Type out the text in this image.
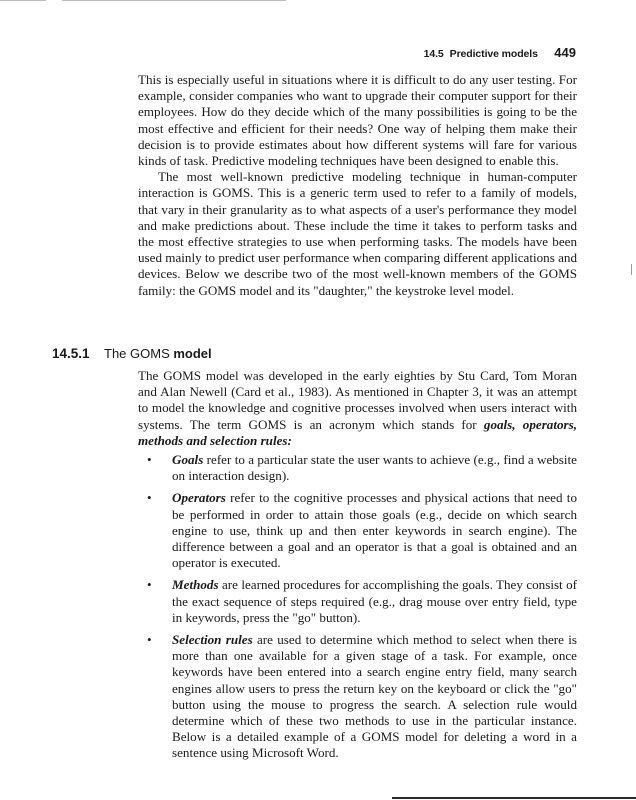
14.5 Predictive models 449

This is especially useful in situations where it is difficult to do any user testing. For example, consider companies who want to upgrade their computer support for their employees. How do they decide which of the many possibilities is going to be the most effective and efficient for their needs? One way of helping them make their decision is to provide estimates about how different systems will fare for various kinds of task. Predictive modeling techniques have been designed to enable this.

The most well-known predictive modeling technique in human-computer interaction is GOMS. This is a generic term used to refer to a family of models, that vary in their granularity as to what aspects of a user's performance they model and make predictions about. These include the time it takes to perform tasks and the most effective strategies to use when performing tasks. The models have been used mainly to predict user performance when comparing different applications and devices. Below we describe two of the most well-known members of the GOMS family: the GOMS model and its "daughter," the keystroke level model.

14.5.1 The GOMS model

The GOMS model was developed in the early eighties by Stu Card, Tom Moran and Alan Newell (Card et al., 1983). As mentioned in Chapter 3, it was an attempt to model the knowledge and cognitive processes involved when users interact with systems. The term GOMS is an acronym which stands for goals, operators, methods and selection rules:

• Goals refer to a particular state the user wants to achieve (e.g., find a website on interaction design).
• Operators refer to the cognitive processes and physical actions that need to be performed in order to attain those goals (e.g., decide on which search engine to use, think up and then enter keywords in search engine). The difference between a goal and an operator is that a goal is obtained and an operator is executed.
• Methods are learned procedures for accomplishing the goals. They consist of the exact sequence of steps required (e.g., drag mouse over entry field, type in keywords, press the "go" button).
• Selection rules are used to determine which method to select when there is more than one available for a given stage of a task. For example, once keywords have been entered into a search engine entry field, many search engines allow users to press the return key on the keyboard or click the "go" button using the mouse to progress the search. A selection rule would determine which of these two methods to use in the particular instance. Below is a detailed example of a GOMS model for deleting a word in a sentence using Microsoft Word.
